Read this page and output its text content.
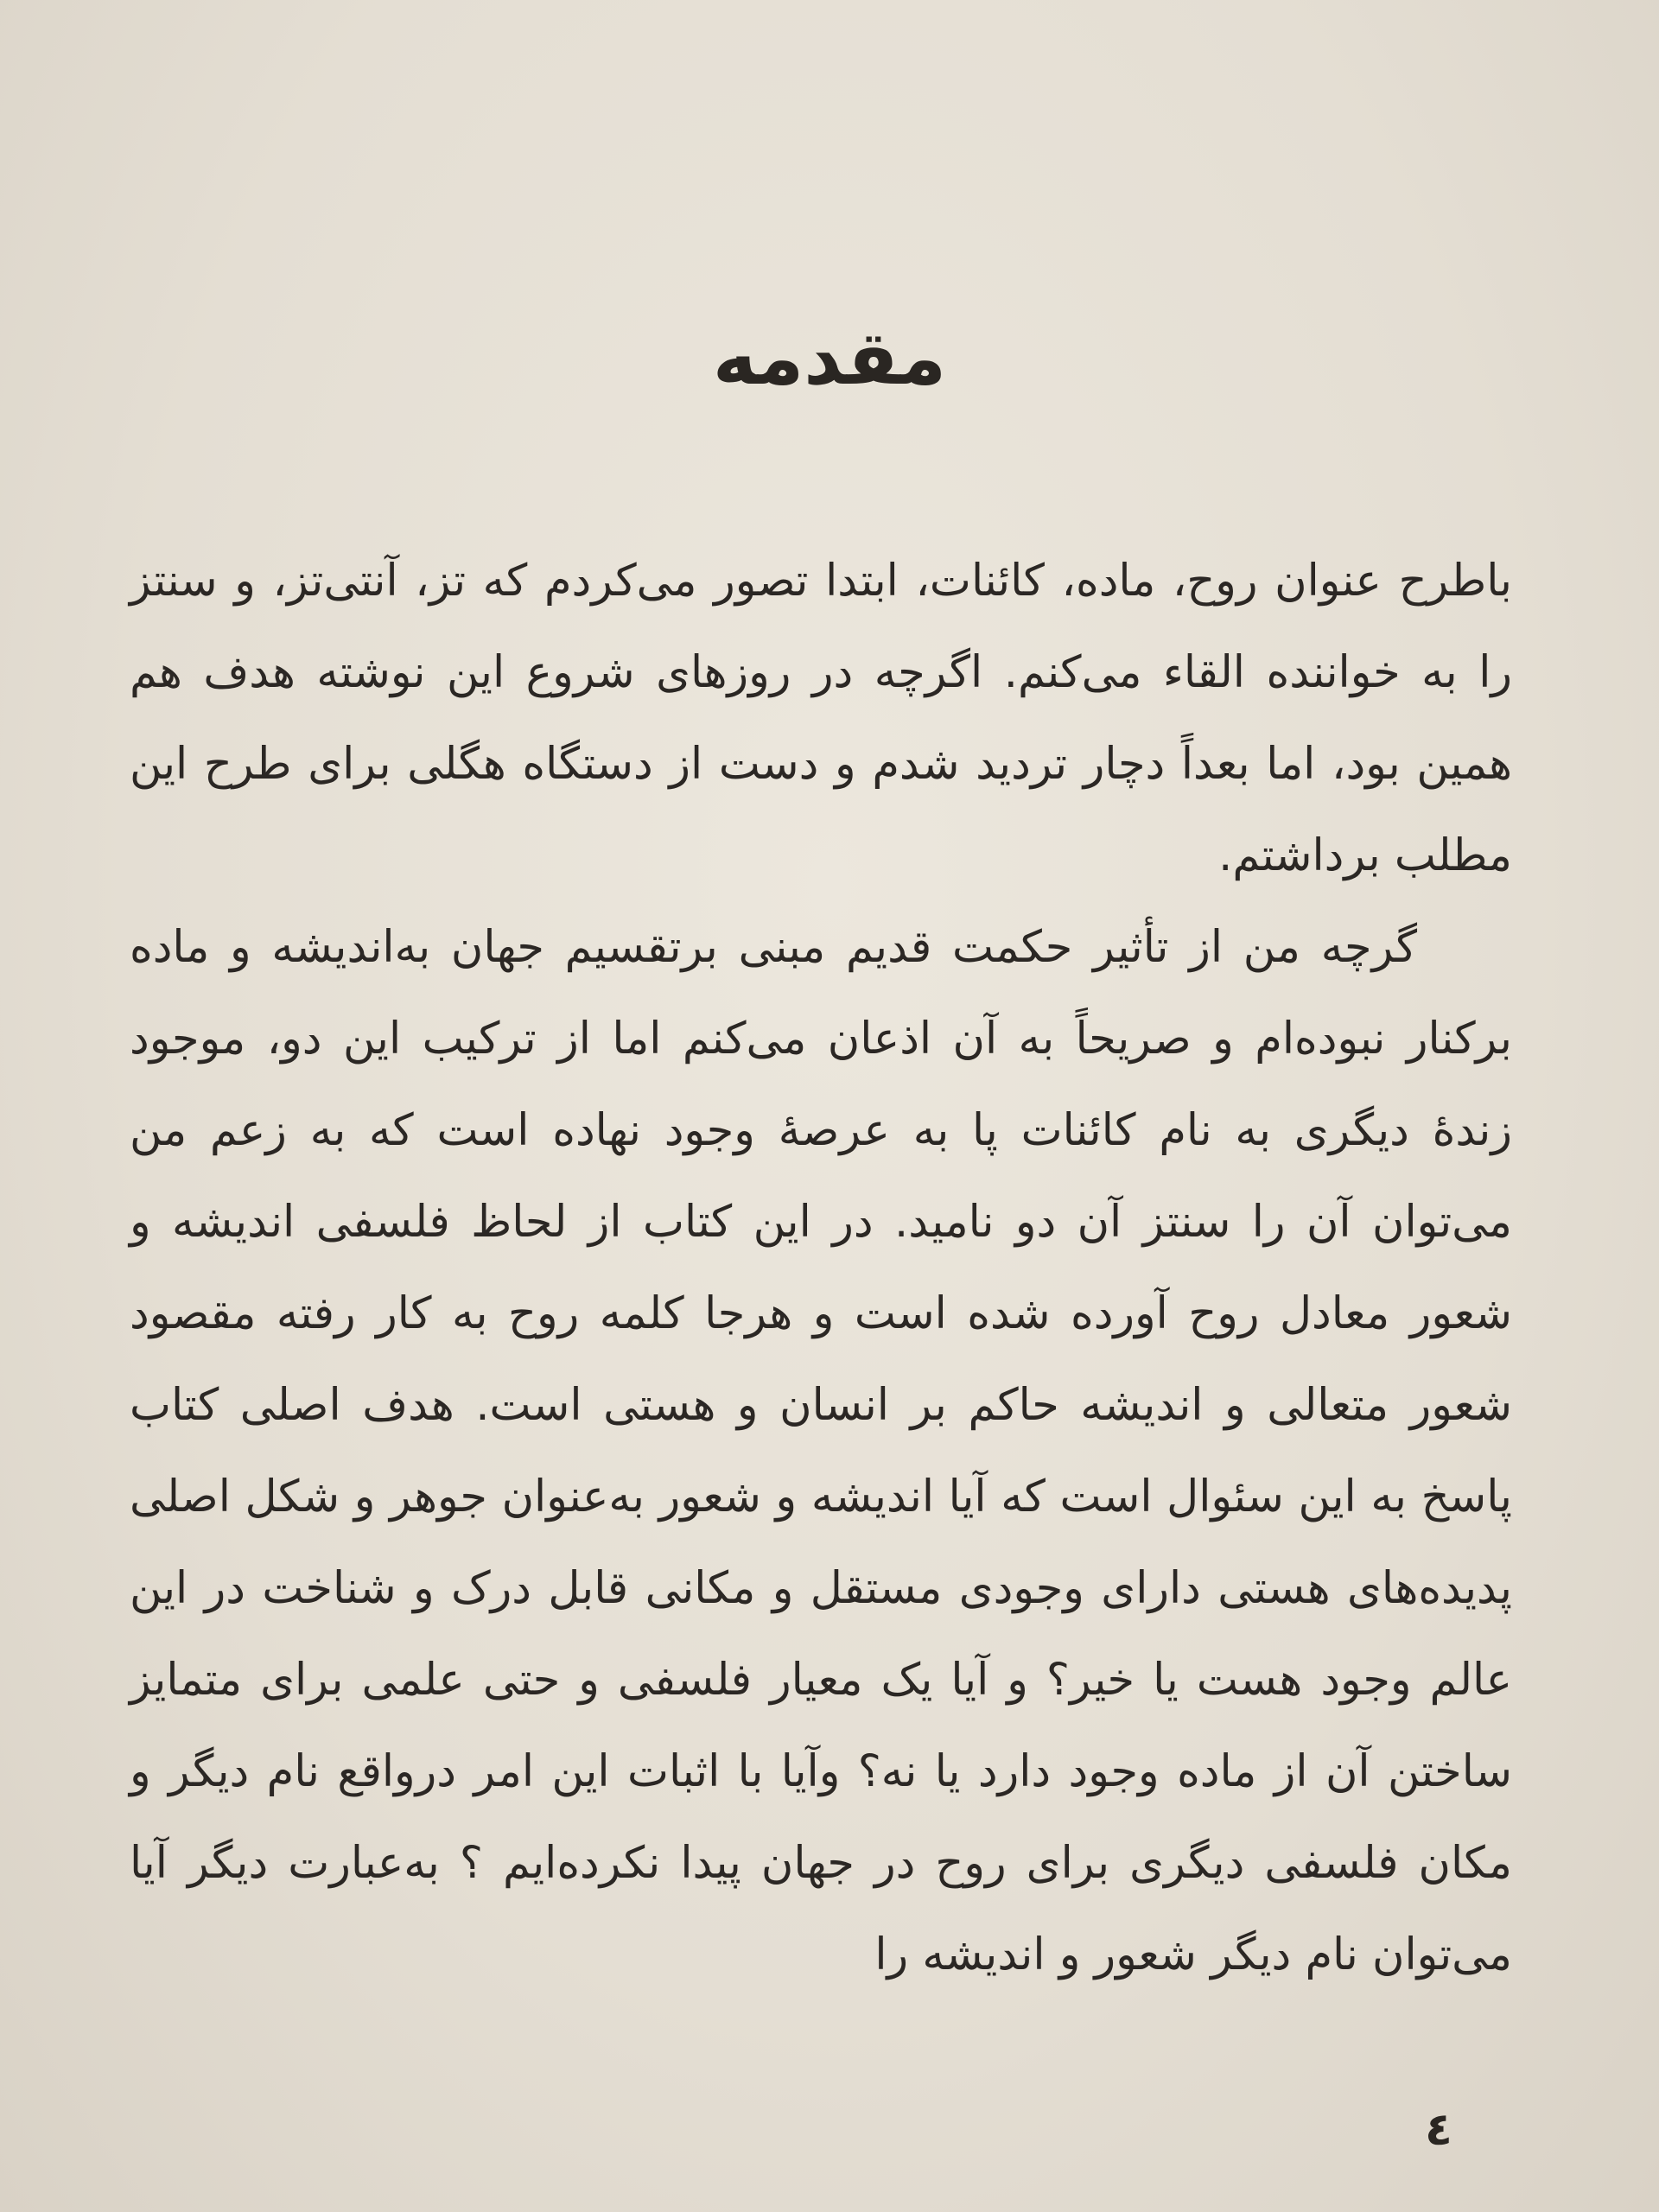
مقدمه

باطرح عنوان روح، ماده، کائنات، ابتدا تصور می‌کردم که تز، آنتی‌تز، و سنتز را به خواننده القاء می‌کنم. اگرچه در روزهای شروع این نوشته هدف هم همین بود، اما بعداً دچار تردید شدم و دست از دستگاه هگلی برای طرح این مطلب برداشتم.

گرچه من از تأثیر حکمت قدیم مبنی برتقسیم جهان به‌اندیشه و ماده برکنار نبوده‌ام و صریحاً به آن اذعان می‌کنم اما از ترکیب این دو، موجود زندهٔ دیگری به نام کائنات پا به عرصهٔ وجود نهاده است که به زعم من می‌توان آن را سنتز آن دو نامید. در این کتاب از لحاظ فلسفی اندیشه و شعور معادل روح آورده شده است و هرجا کلمه روح به کار رفته مقصود شعور متعالی و اندیشه حاکم بر انسان و هستی است. هدف اصلی کتاب پاسخ به این سئوال است که آیا اندیشه و شعور به‌عنوان جوهر و شکل اصلی پدیده‌های هستی دارای وجودی مستقل و مکانی قابل درک و شناخت در این عالم وجود هست یا خیر؟ و آیا یک معیار فلسفی و حتی علمی برای متمایز ساختن آن از ماده وجود دارد یا نه؟ وآیا با اثبات این امر درواقع نام دیگر و مکان فلسفی دیگری برای روح در جهان پیدا نکرده‌ایم ؟ به‌عبارت دیگر آیا می‌توان نام دیگر شعور و اندیشه را

٤
